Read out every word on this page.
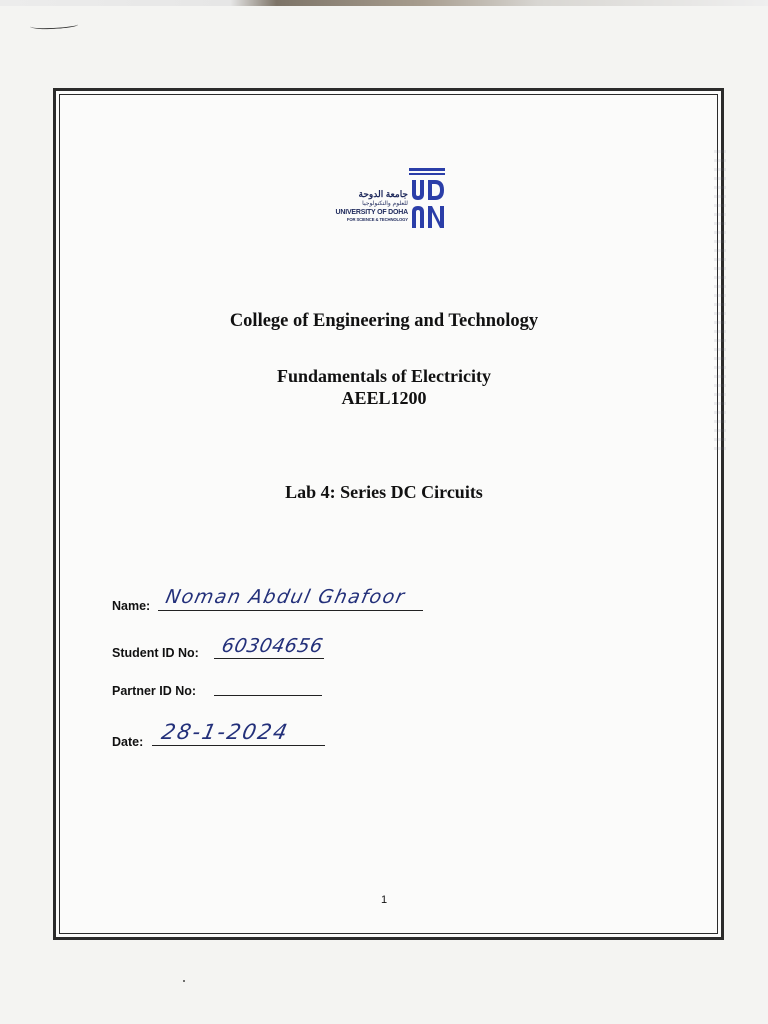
جامعة الدوحة
للعلوم والتكنولوجيا
UNIVERSITY OF DOHA
FOR SCIENCE & TECHNOLOGY
College of Engineering and Technology
Fundamentals of Electricity
AEEL1200
Lab 4: Series DC Circuits
Name: Noman Abdul Ghafoor
Student ID No: 60304656
Partner ID No:
Date: 28-1-2024
1
